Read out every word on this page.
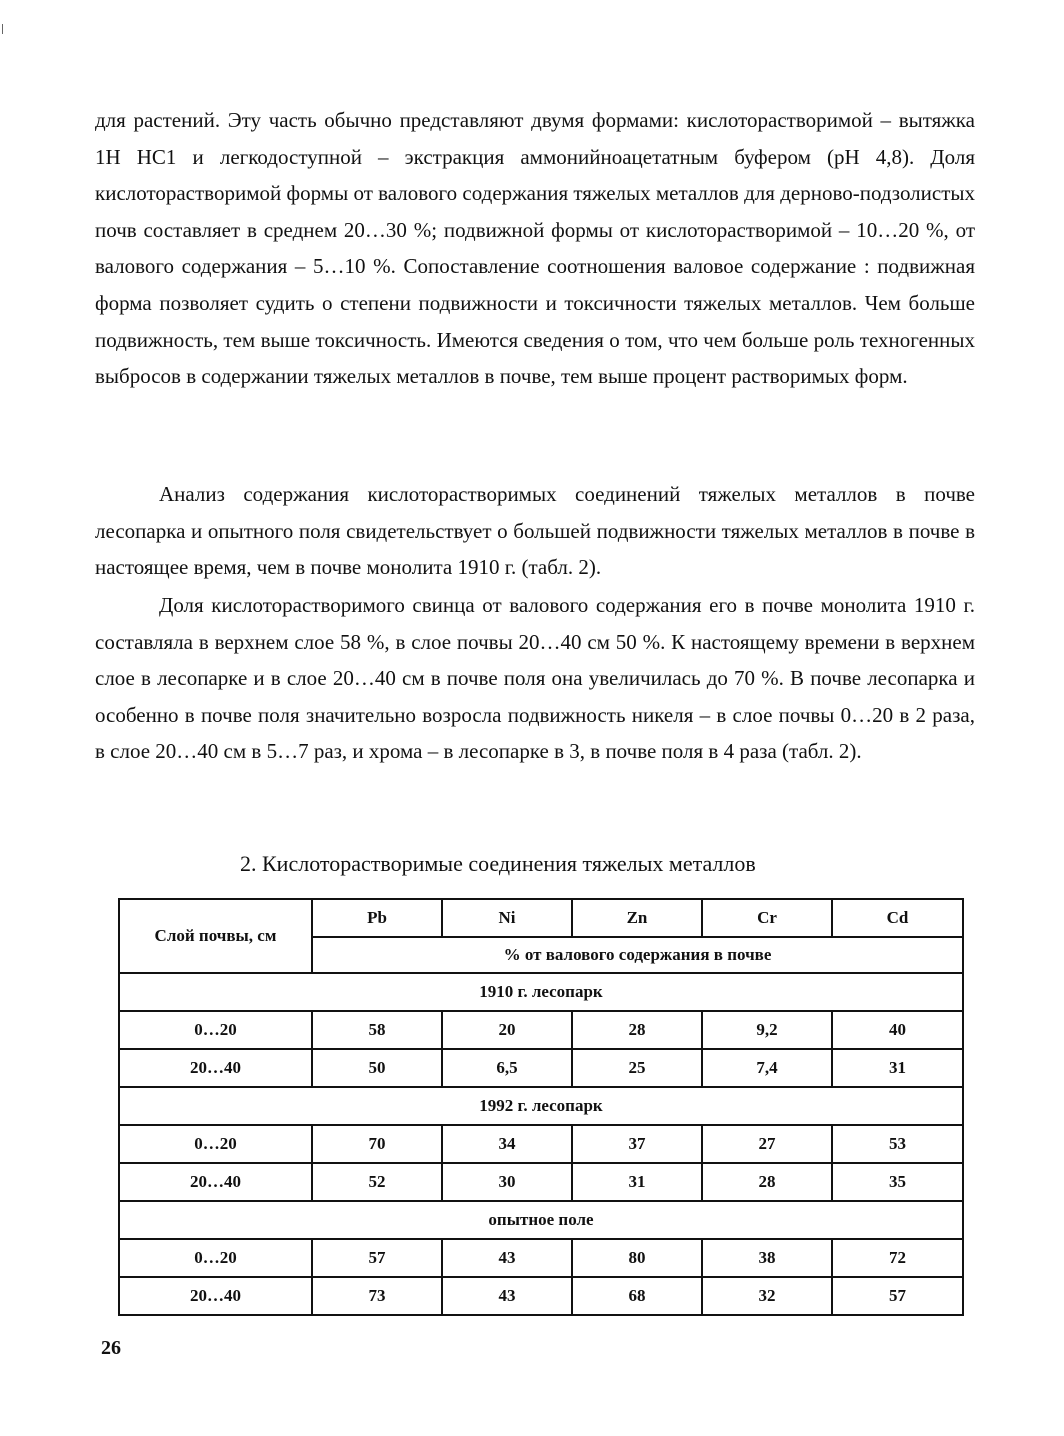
для растений. Эту часть обычно представляют двумя формами: кислоторастворимой – вытяжка 1Н НС1 и легкодоступной – экстракция аммонийноацетатным буфером (pH 4,8). Доля кислоторастворимой формы от валового содержания тяжелых металлов для дерново-подзолистых почв составляет в среднем 20…30 %; подвижной формы от кислоторастворимой – 10…20 %, от валового содержания – 5…10 %. Сопоставление соотношения валовое содержание : подвижная форма позволяет судить о степени подвижности и токсичности тяжелых металлов. Чем больше подвижность, тем выше токсичность. Имеются сведения о том, что чем больше роль техногенных выбросов в содержании тяжелых металлов в почве, тем выше процент растворимых форм.
Анализ содержания кислоторастворимых соединений тяжелых металлов в почве лесопарка и опытного поля свидетельствует о большей подвижности тяжелых металлов в почве в настоящее время, чем в почве монолита 1910 г. (табл. 2).
Доля кислоторастворимого свинца от валового содержания его в почве монолита 1910 г. составляла в верхнем слое 58 %, в слое почвы 20…40 см 50 %. К настоящему времени в верхнем слое в лесопарке и в слое 20…40 см в почве поля она увеличилась до 70 %. В почве лесопарка и особенно в почве поля значительно возросла подвижность никеля – в слое почвы 0…20 в 2 раза, в слое 20…40 см в 5…7 раз, и хрома – в лесопарке в 3, в почве поля в 4 раза (табл. 2).
2. Кислоторастворимые соединения тяжелых металлов
Слой почвы, см	Pb	Ni	Zn	Cr	Cd
	% от валового содержания в почве				
1910 г. лесопарк					
0…20	58	20	28	9,2	40
20…40	50	6,5	25	7,4	31
1992 г. лесопарк					
0…20	70	34	37	27	53
20…40	52	30	31	28	35
опытное поле					
0…20	57	43	80	38	72
20…40	73	43	68	32	57
26
